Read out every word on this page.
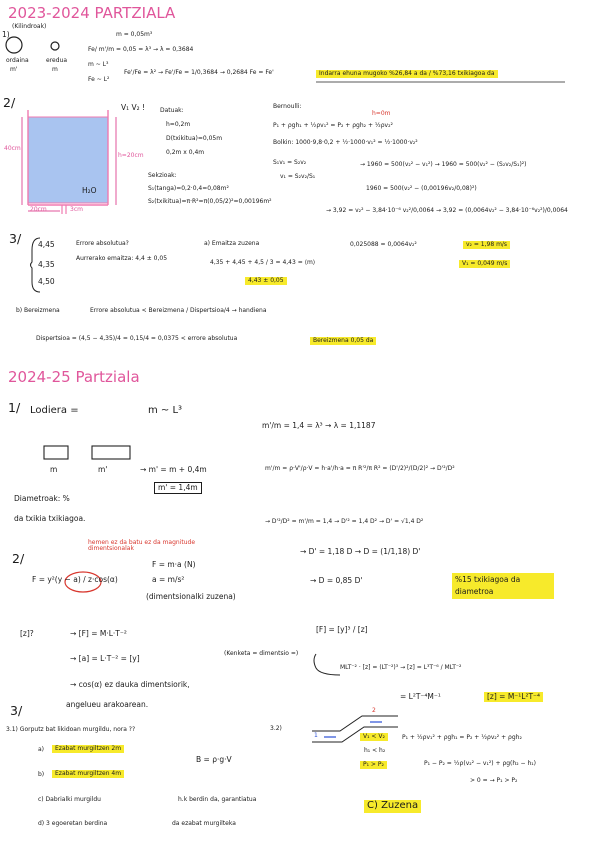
2023-2024 PARTZIALA
1)
(Kilindroak)
ordaina
m'
eredua
m
m = 0,05m³
Fe/ m'/m = 0,05 = λ³ → λ = 0,3684
m ~ L³
Fe ~ L²
Fe'/Fe = λ² → Fe'/Fe = 1/0,3684 → 0,2684 Fe = Fe'	Indarra ehuna mugoko %26,84 a da / %73,16 txikiagoa da
2/
h=20cm
40cm
20cm	3cm
H₂O
V₁ V₂ ! Datuak:
h=0,2m
D(txikitua)=0,05m
0,2m x 0,4m
Sekzioak:
S₁(tanga)=0,2·0,4=0,08m²
S₂(txikitua)=π·R²=π(0,05/2)²=0,00196m²
Bernoulli:
h=0m
P₁ + ρgh₁ + ½ρv₁² = P₂ + ρgh₂ + ½ρv₂²
Bolkin: 1000·9,8·0,2 + ½·1000·v₁² = ½·1000·v₂²
S₁v₁ = S₂v₂	→ 1960 = 500(v₂² − v₁²) → 1960 = 500(v₂² − (S₂v₂/S₁)²)
v₁ = S₂v₂/S₁
1960 = 500(v₂² − (0,00196v₂/0,08)²)
→ 3,92 = v₂² − 3,84·10⁻⁶ v₂²/0,0064 → 3,92 = (0,0064v₂² − 3,84·10⁻⁶v₂²)/0,0064
0,025088 = 0,0064v₂²	v₂ = 1,98 m/s
V₁ = 0,049 m/s
3/ 4,45
4,35
4,50
Errore absolutua?
Aurrerako emaitza: 4,4 ± 0,05
a) Emaitza zuzena
4,35 + 4,45 + 4,5 / 3 = 4,43 = ⟨m⟩
4,43 ± 0,05
b) Bereizmena	Errore absolutua < Bereizmena / Dispertsioa/4 → handiena
Dispertsioa = (4,5 − 4,35)/4 = 0,15/4 = 0,0375 < errore absolutua	Bereizmena 0,05 da
2024-25 Partziala
1/ Lodiera =	m ~ L³
m'/m = 1,4 = λ³ → λ = 1,1187
m	m'	→ m' = m + 0,4m
m' = 1,4m
m'/m = ρ·V'/ρ·V = h·a'/h·a = π R'²/π R² = (D'/2)²/(D/2)² → D'²/D²
Diametroak: %
da txikia txikiagoa.	→ D'²/D² = m'/m = 1,4 → D'² = 1,4 D² → D' = √1,4 D²
→ D' = 1,18 D → D = (1/1,18) D'
→ D = 0,85 D'	%15 txikiagoa da diametroa
2/
hemen ez da batu ez da magnitude dimentsionalak
F = y²(y − a) / z·cos(α)
F = m·a (N)
a = m/s²
(dimentsionalki zuzena)
[z]?	→ [F] = M·L·T⁻²
→ [a] = L·T⁻² = [y]
(Kenketa = dimentsio =)
→ cos(α) ez dauka dimentsiorik,
angelueu arakoarean.
[F] = [y]³ / [z]
MLT⁻² · [z] = (LT⁻²)³ → [z] = L³T⁻⁶ / MLT⁻²
= L²T⁻⁴M⁻¹	[z] = M⁻¹L²T⁻⁴
3/
3.1) Gorputz bat likidoan murgildu, nora ??
a)	Ezabat murgiltzen 2m
b)	Ezabat murgiltzen 4m
c) Dabrialki murgildu	h.k berdin da, garantiatua
d) 3 egoeretan berdina	da ezabat murgilteka
B = ρ·g·V
3.2)
1
2
V₁ < V₂
h₁ < h₂
P₁ > P₂
P₁ + ½ρv₁² + ρgh₁ = P₂ + ½ρv₂² + ρgh₂
P₁ − P₂ = ½ρ(v₂² − v₁²) + ρg(h₂ − h₁)
> 0 = → P₁ > P₂
C) Zuzena
